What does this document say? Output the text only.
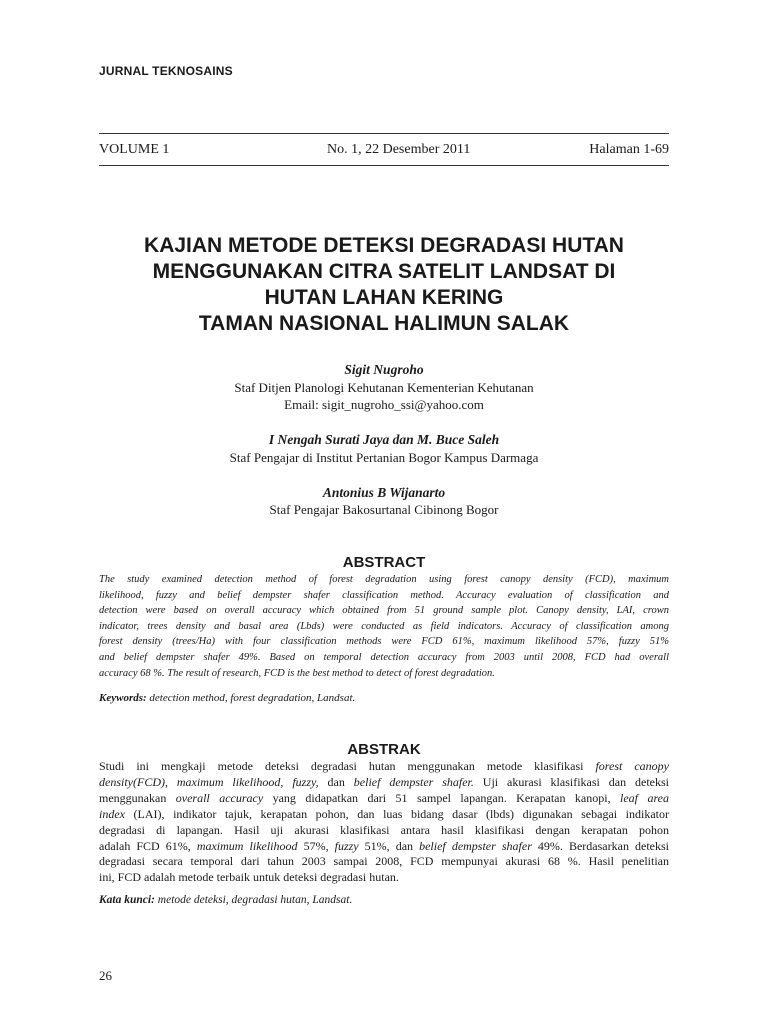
JURNAL TEKNOSAINS
VOLUME 1	No. 1, 22 Desember 2011	Halaman 1-69
KAJIAN METODE DETEKSI DEGRADASI HUTAN
MENGGUNAKAN CITRA SATELIT LANDSAT DI
HUTAN LAHAN KERING
TAMAN NASIONAL HALIMUN SALAK
Sigit Nugroho
Staf Ditjen Planologi Kehutanan Kementerian Kehutanan
Email: sigit_nugroho_ssi@yahoo.com
I Nengah Surati Jaya dan M. Buce Saleh
Staf Pengajar di Institut Pertanian Bogor Kampus Darmaga
Antonius B Wijanarto
Staf Pengajar Bakosurtanal Cibinong Bogor
ABSTRACT
The study examined detection method of forest degradation using forest canopy density (FCD), maximum
likelihood, fuzzy and belief dempster shafer classification method. Accuracy evaluation of classification and
detection were based on overall accuracy which obtained from 51 ground sample plot. Canopy density, LAI, crown
indicator, trees density and basal area (Lbds) were conducted as field indicators. Accuracy of classification among
forest density (trees/Ha) with four classification methods were FCD 61%, maximum likelihood 57%, fuzzy 51%
and belief dempster shafer 49%. Based on temporal detection accuracy from 2003 until 2008, FCD had overall
accuracy 68 %. The result of research, FCD is the best method to detect of forest degradation.
Keywords: detection method, forest degradation, Landsat.
ABSTRAK
Studi ini mengkaji metode deteksi degradasi hutan menggunakan metode klasifikasi forest canopy
density(FCD), maximum likelihood, fuzzy, dan belief dempster shafer. Uji akurasi klasifikasi dan deteksi
menggunakan overall accuracy yang didapatkan dari 51 sampel lapangan. Kerapatan kanopi, leaf area
index (LAI), indikator tajuk, kerapatan pohon, dan luas bidang dasar (lbds) digunakan sebagai indikator
degradasi di lapangan. Hasil uji akurasi klasifikasi antara hasil klasifikasi dengan kerapatan pohon
adalah FCD 61%, maximum likelihood 57%, fuzzy 51%, dan belief dempster shafer 49%. Berdasarkan deteksi
degradasi secara temporal dari tahun 2003 sampai 2008, FCD mempunyai akurasi 68 %. Hasil penelitian
ini, FCD adalah metode terbaik untuk deteksi degradasi hutan.
Kata kunci: metode deteksi, degradasi hutan, Landsat.
26
